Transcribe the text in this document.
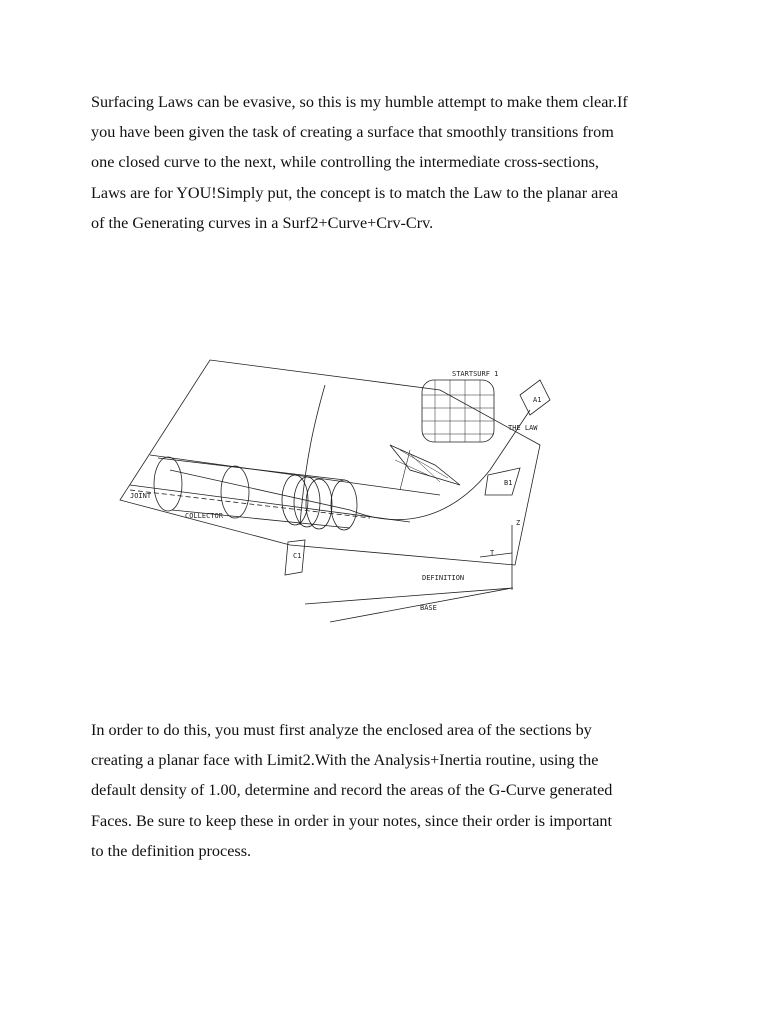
Surfacing Laws can be evasive, so this is my humble attempt to make them clear.If
you have been given the task of creating a surface that smoothly transitions from
one closed curve to the next, while controlling the intermediate cross-sections,
Laws are for YOU!Simply put, the concept is to match the Law to the planar area
of the Generating curves in a Surf2+Curve+Crv-Crv.
STARTSURF 1
THE LAW
JOINT
COLLECTOR
DEFINITION
BASE
C1
B1
A1
Z
T
In order to do this, you must first analyze the enclosed area of the sections by
creating a planar face with Limit2.With the Analysis+Inertia routine, using the
default density of 1.00, determine and record the areas of the G-Curve generated
Faces. Be sure to keep these in order in your notes, since their order is important
to the definition process.
